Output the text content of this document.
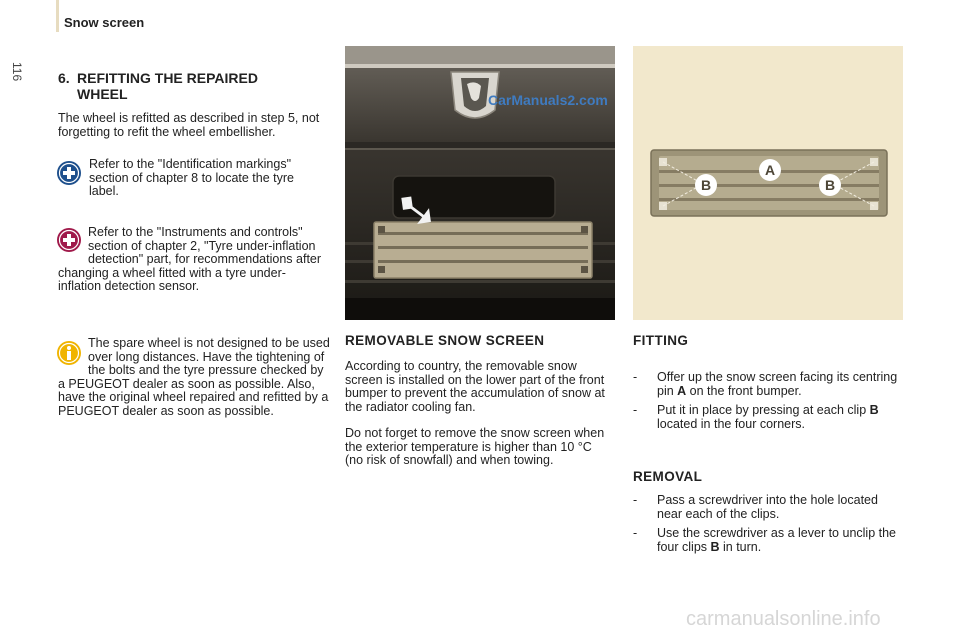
Snow screen
116 6. REFITTING THE REPAIRED
WHEEL
The wheel is refitted as described in step 5, not forgetting to refit the wheel embellisher.
Refer to the "Identification markings" section of chapter 8 to locate the tyre label.
Refer to the "Instruments and controls" section of chapter 2, "Tyre under-inflation detection" part, for recommendations after changing a wheel fitted with a tyre under-inflation detection sensor.
The spare wheel is not designed to be used over long distances. Have the tightening of the bolts and the tyre pressure checked by a PEUGEOT dealer as soon as possible. Also, have the original wheel repaired and refitted by a PEUGEOT dealer as soon as possible.
CarManuals2.com
REMOVABLE SNOW SCREEN
According to country, the removable snow screen is installed on the lower part of the front bumper to prevent the accumulation of snow at the radiator cooling fan.
Do not forget to remove the snow screen when the exterior temperature is higher than 10 °C (no risk of snowfall) and when towing.
A
B	B
FITTING
- Offer up the snow screen facing its centring pin A on the front bumper.
- Put it in place by pressing at each clip B located in the four corners.
REMOVAL
- Pass a screwdriver into the hole located near each of the clips.
- Use the screwdriver as a lever to unclip the four clips B in turn.
carmanualsonline.info
